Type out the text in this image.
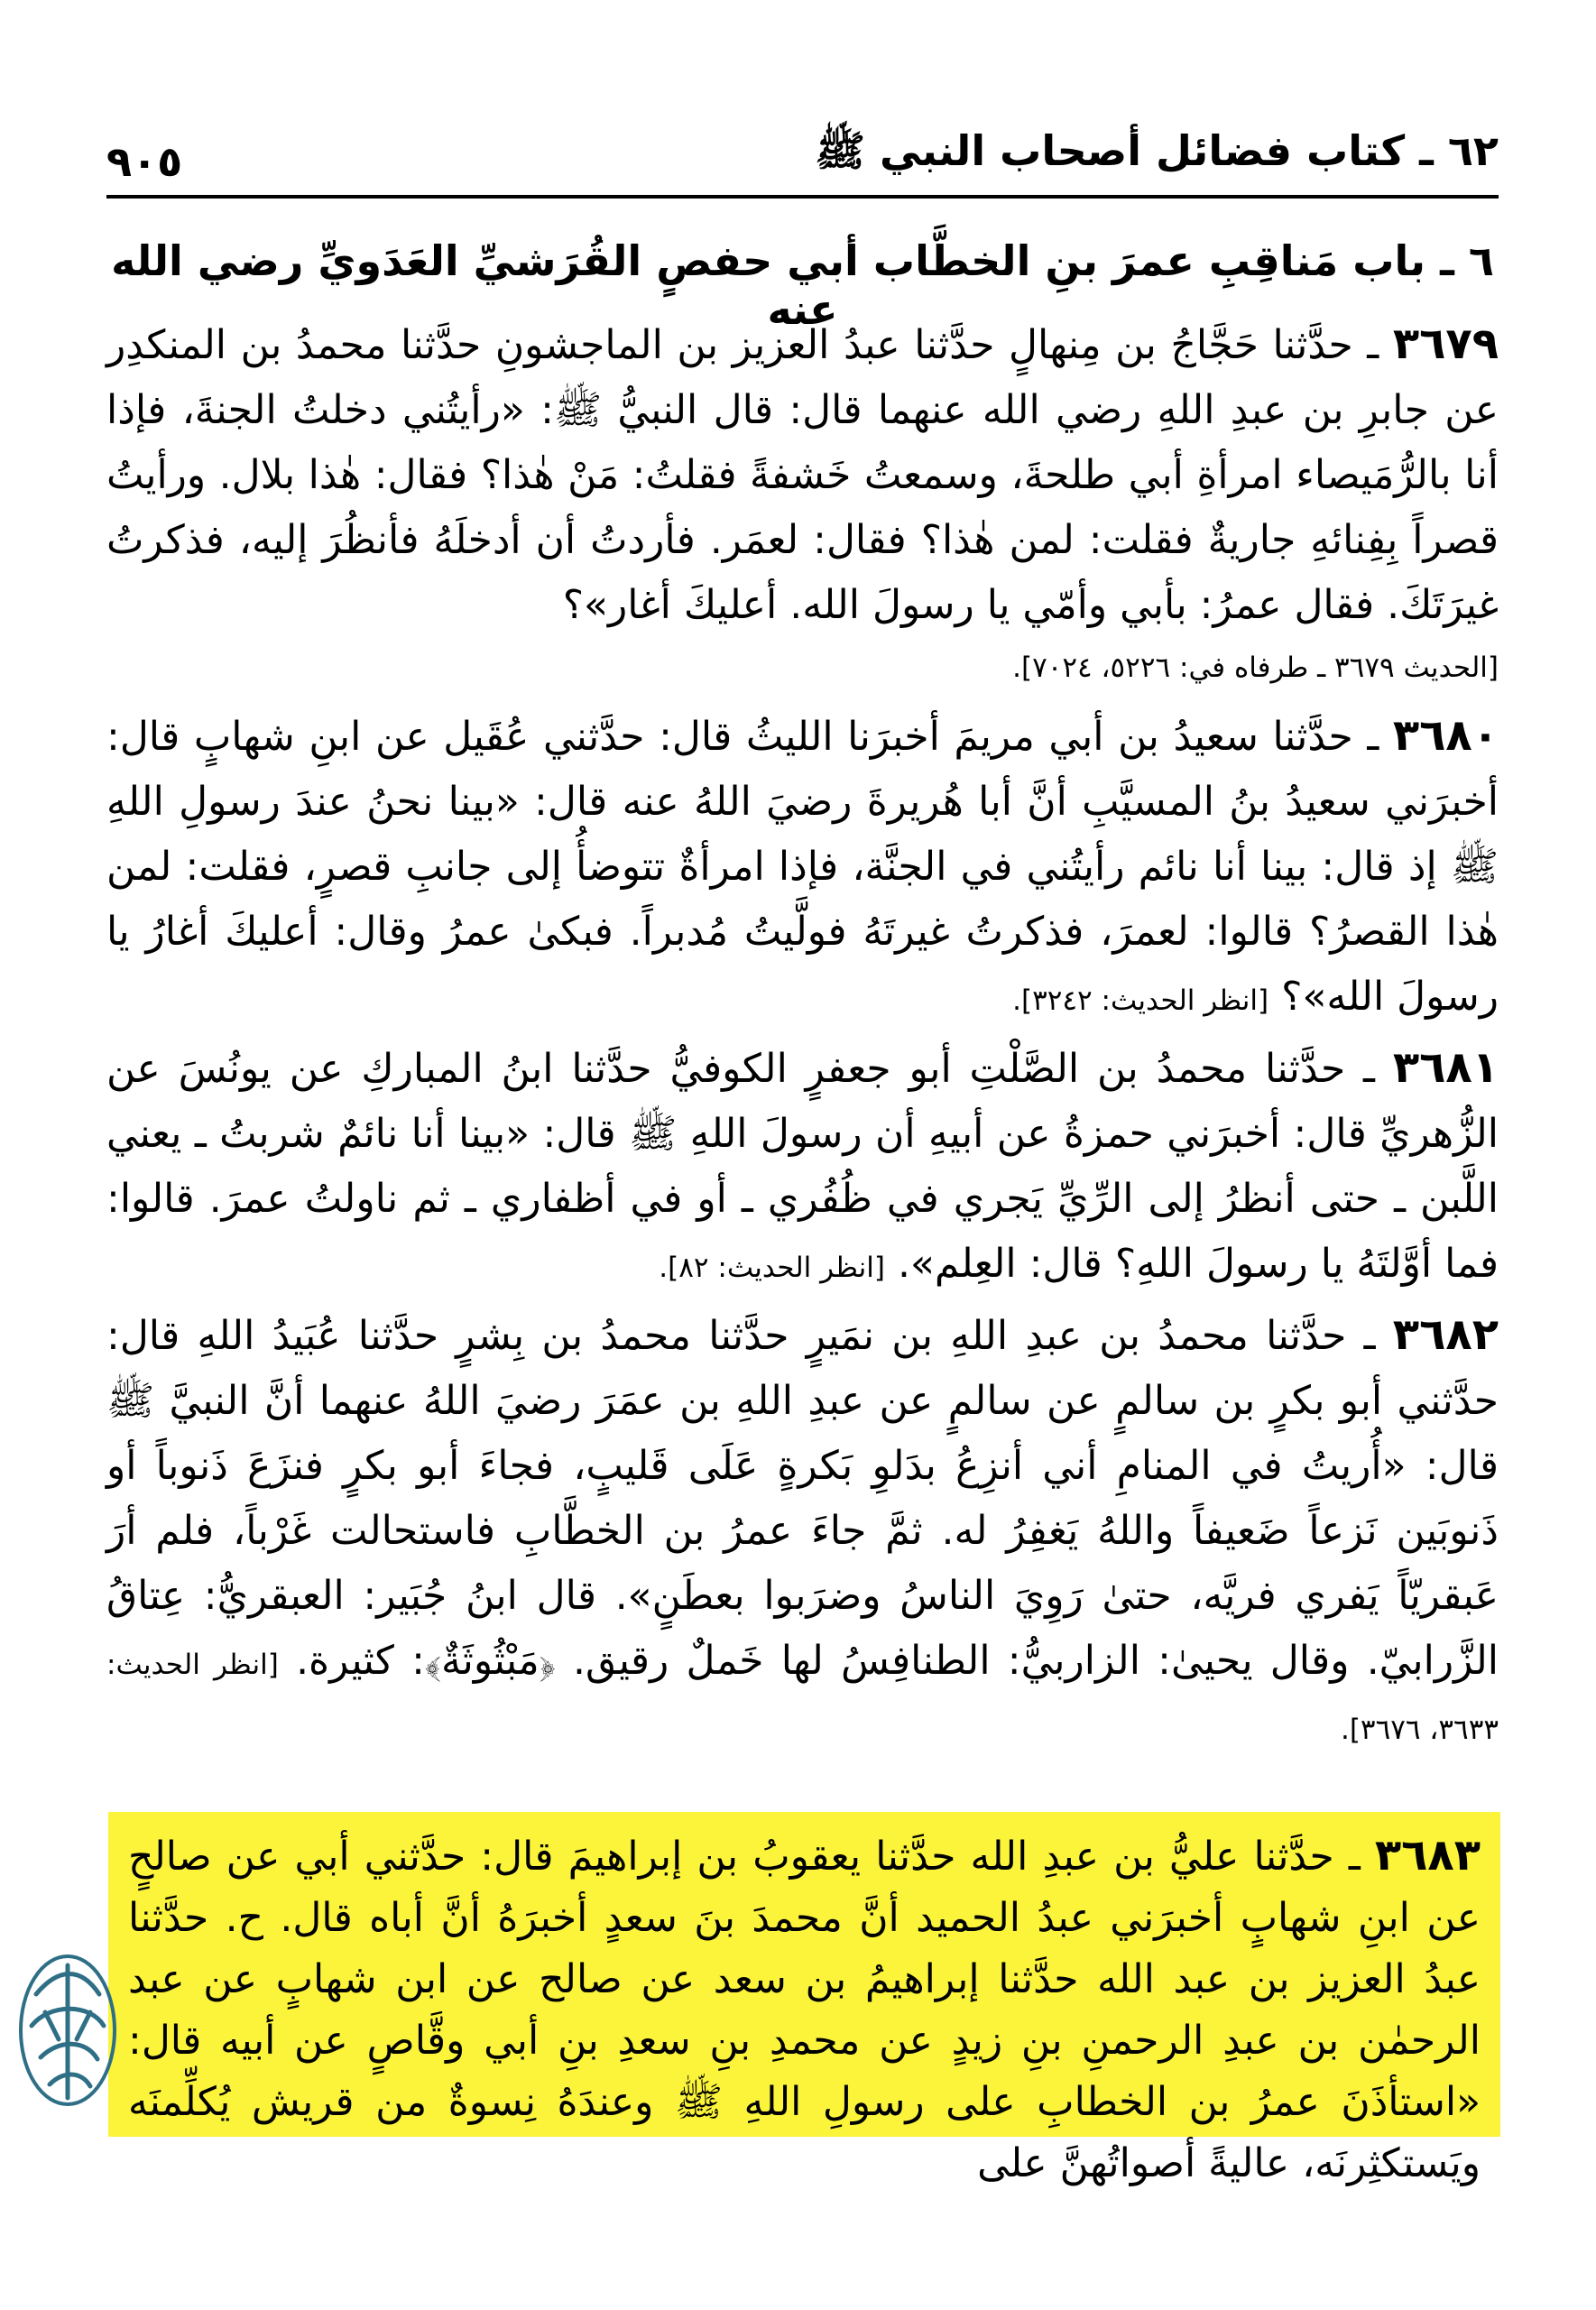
٦٢ ـ كتاب فضائل أصحاب النبي ﷺ
٩٠٥
٦ ـ باب مَناقِبِ عمرَ بنِ الخطَّاب أبي حفصٍ القُرَشيِّ العَدَويِّ رضي الله عنه

٣٦٧٩ ـ حدَّثنا حَجَّاجُ بن مِنهالٍ حدَّثنا عبدُ العزيز بن الماجشونِ حدَّثنا محمدُ بن المنكدِر عن جابرِ بن عبدِ اللهِ رضي الله عنهما قال: قال النبيُّ ﷺ: «رأيتُني دخلتُ الجنةَ، فإذا أنا بالرُّمَيصاء امرأةِ أبي طلحةَ، وسمعتُ خَشفةً فقلتُ: مَنْ هٰذا؟ فقال: هٰذا بلال. ورأيتُ قصراً بِفِنائهِ جاريةٌ فقلت: لمن هٰذا؟ فقال: لعمَر. فأردتُ أن أدخلَهُ فأنظُرَ إليه، فذكرتُ غيرَتَكَ. فقال عمرُ: بأبي وأمّي يا رسولَ الله. أعليكَ أغار»؟

[الحديث ٣٦٧٩ ـ طرفاه في: ٥٢٢٦، ٧٠٢٤].

٣٦٨٠ ـ حدَّثنا سعيدُ بن أبي مريمَ أخبرَنا الليثُ قال: حدَّثني عُقَيل عن ابنِ شهابٍ قال: أخبرَني سعيدُ بنُ المسيَّبِ أنَّ أبا هُريرةَ رضيَ اللهُ عنه قال: «بينا نحنُ عندَ رسولِ اللهِ ﷺ إذ قال: بينا أنا نائم رأيتُني في الجنَّة، فإذا امرأةٌ تتوضأُ إلى جانبِ قصرٍ، فقلت: لمن هٰذا القصرُ؟ قالوا: لعمرَ، فذكرتُ غيرتَهُ فولَّيتُ مُدبراً. فبكىٰ عمرُ وقال: أعليكَ أغارُ يا رسولَ الله»؟ [انظر الحديث: ٣٢٤٢].

٣٦٨١ ـ حدَّثنا محمدُ بن الصَّلْتِ أبو جعفرٍ الكوفيُّ حدَّثنا ابنُ المباركِ عن يونُسَ عن الزُّهريِّ قال: أخبرَني حمزةُ عن أبيهِ أن رسولَ اللهِ ﷺ قال: «بينا أنا نائمٌ شربتُ ـ يعني اللَّبن ـ حتى أنظرُ إلى الرِّيِّ يَجري في ظُفُري ـ أو في أظفاري ـ ثم ناولتُ عمرَ. قالوا: فما أوَّلتَهُ يا رسولَ اللهِ؟ قال: العِلم». [انظر الحديث: ٨٢].

٣٦٨٢ ـ حدَّثنا محمدُ بن عبدِ اللهِ بن نمَيرٍ حدَّثنا محمدُ بن بِشرٍ حدَّثنا عُبَيدُ اللهِ قال: حدَّثني أبو بكرٍ بن سالمٍ عن سالمٍ عن عبدِ اللهِ بن عمَرَ رضيَ اللهُ عنهما أنَّ النبيَّ ﷺ قال: «أُريتُ في المنامِ أني أنزِعُ بدَلوِ بَكرةٍ عَلَى قَليبٍ، فجاءَ أبو بكرٍ فنزَعَ ذَنوباً أو ذَنوبَين نَزعاً ضَعيفاً واللهُ يَغفِرُ له. ثمَّ جاءَ عمرُ بن الخطَّابِ فاستحالت غَرْباً، فلم أرَ عَبقريّاً يَفري فريَّه، حتىٰ رَوِيَ الناسُ وضرَبوا بعطَنٍ». قال ابنُ جُبَير: العبقريُّ: عِتاقُ الزَّرابيّ. وقال يحيىٰ: الزاربيُّ: الطنافِسُ لها خَملٌ رقيق. ﴿مَبْثُوثَةٌ﴾: كثيرة. [انظر الحديث: ٣٦٣٣، ٣٦٧٦].

٣٦٨٣ ـ حدَّثنا عليُّ بن عبدِ الله حدَّثنا يعقوبُ بن إبراهيمَ قال: حدَّثني أبي عن صالحٍ عن ابنِ شهابٍ أخبرَني عبدُ الحميد أنَّ محمدَ بنَ سعدٍ أخبرَهُ أنَّ أباه قال. ح. حدَّثنا عبدُ العزيز بن عبد الله حدَّثنا إبراهيمُ بن سعد عن صالح عن ابن شهابٍ عن عبد الرحمٰن بن عبدِ الرحمنِ بنِ زيدٍ عن محمدِ بنِ سعدِ بنِ أبي وقَّاصٍ عن أبيه قال: «استأذَنَ عمرُ بن الخطابِ على رسولِ اللهِ ﷺ وعندَهُ نِسوةٌ من قريش يُكلِّمنَه ويَستكثِرنَه، عاليةً أصواتُهنَّ على
